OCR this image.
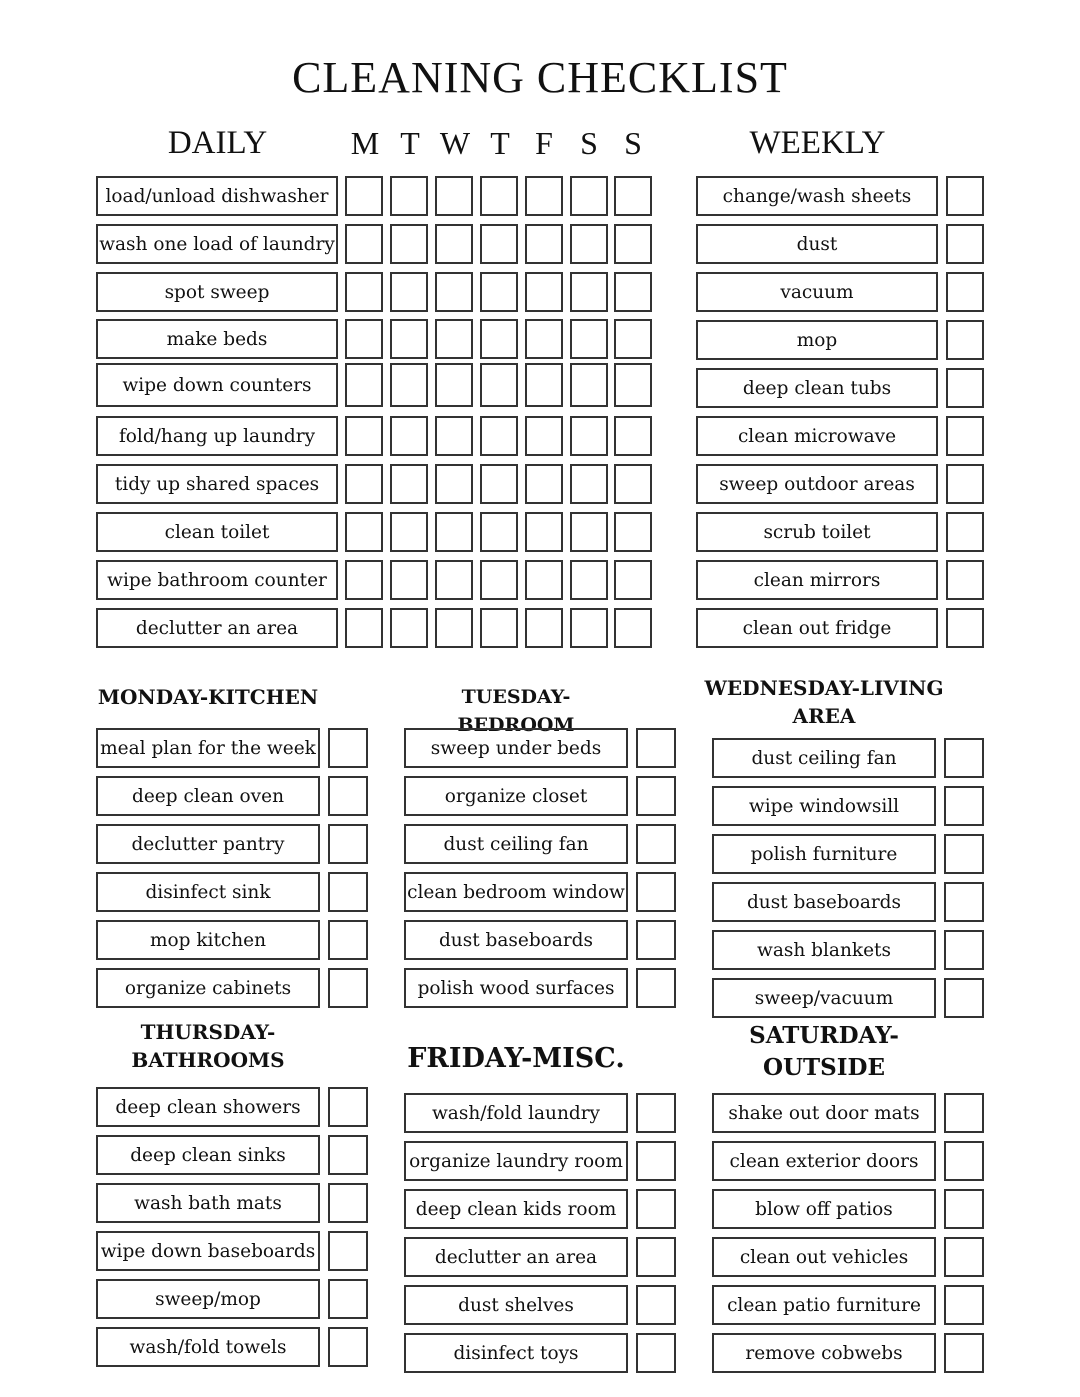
CLEANING CHECKLIST
DAILY	WEEKLY
M T W T F S S
MONDAY-KITCHEN	TUESDAY-BEDROOM
WEDNESDAY-LIVING
AREA
THURSDAY-
BATHROOMS	FRIDAY-MISC.
SATURDAY-
OUTSIDE
load/unload dishwasher
wash one load of laundry
spot sweep
make beds
wipe down counters
fold/hang up laundry
tidy up shared spaces
clean toilet
wipe bathroom counter
declutter an area
change/wash sheets
dust
vacuum
mop
deep clean tubs
clean microwave
sweep outdoor areas
scrub toilet
clean mirrors
clean out fridge
meal plan for the week
deep clean oven
declutter pantry
disinfect sink
mop kitchen
organize cabinets
sweep under beds
organize closet
dust ceiling fan
clean bedroom window
dust baseboards
polish wood surfaces
dust ceiling fan
wipe windowsill
polish furniture
dust baseboards
wash blankets
sweep/vacuum
deep clean showers
deep clean sinks
wash bath mats
wipe down baseboards
sweep/mop
wash/fold towels
wash/fold laundry
organize laundry room
deep clean kids room
declutter an area
dust shelves
disinfect toys
shake out door mats
clean exterior doors
blow off patios
clean out vehicles
clean patio furniture
remove cobwebs
